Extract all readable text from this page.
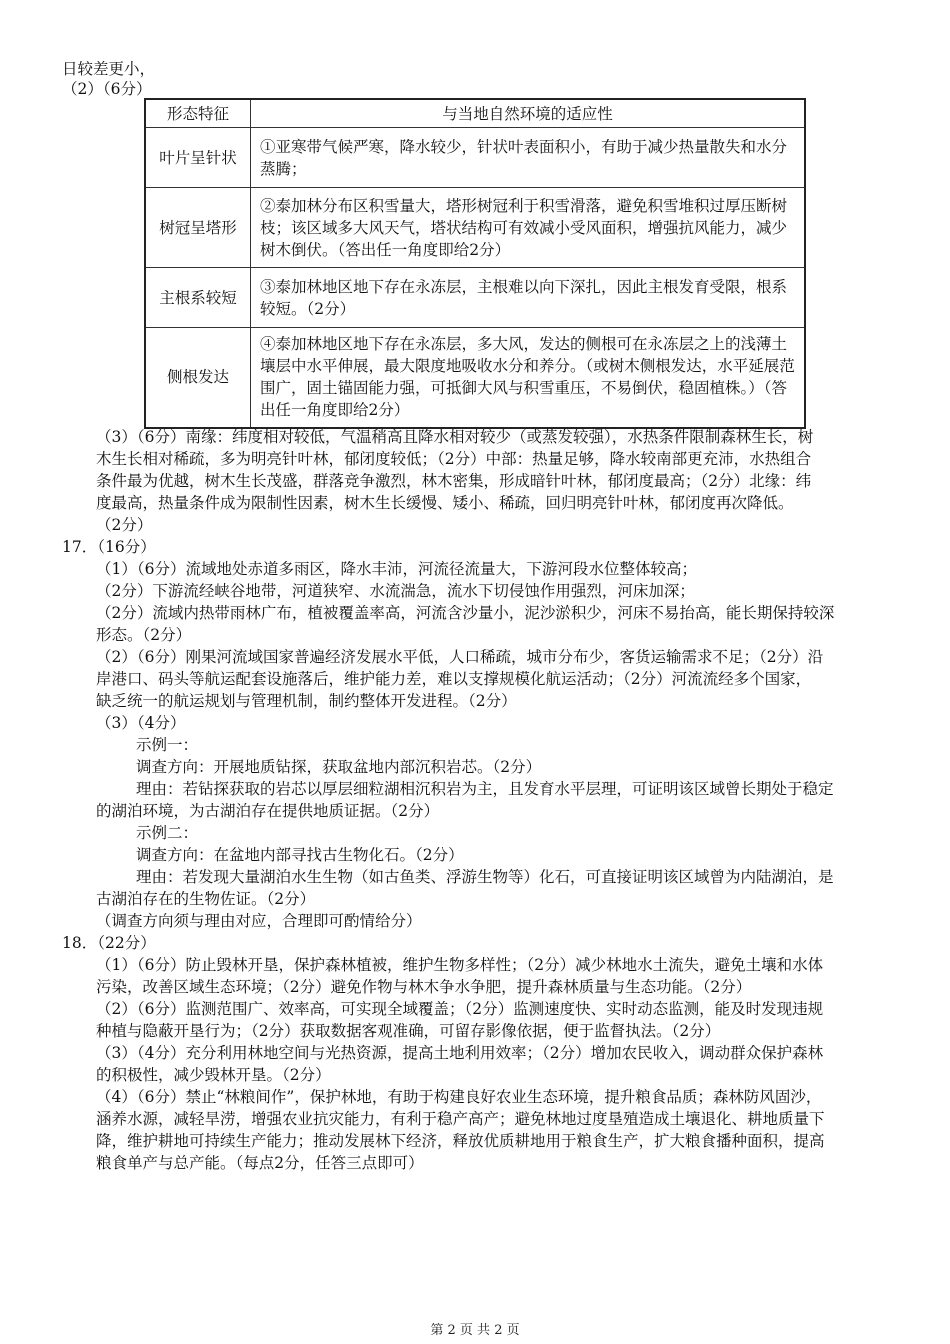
日较差更小，
（2）（6分）
形态特征	与当地自然环境的适应性
叶片呈针状	①亚寒带气候严寒，降水较少，针状叶表面积小，有助于减少热量散失和水分蒸腾；
树冠呈塔形	②泰加林分布区积雪量大，塔形树冠利于积雪滑落，避免积雪堆积过厚压断树枝；该区域多大风天气，塔状结构可有效减小受风面积，增强抗风能力，减少树木倒伏。（答出任一角度即给2分）
主根系较短	③泰加林地区地下存在永冻层，主根难以向下深扎，因此主根发育受限，根系较短。（2分）
侧根发达	④泰加林地区地下存在永冻层，多大风，发达的侧根可在永冻层之上的浅薄土壤层中水平伸展，最大限度地吸收水分和养分。（或树木侧根发达，水平延展范围广，固土锚固能力强，可抵御大风与积雪重压，不易倒伏，稳固植株。）（答出任一角度即给2分）
（3）（6分）南缘：纬度相对较低，气温稍高且降水相对较少（或蒸发较强），水热条件限制森林生长，树
木生长相对稀疏，多为明亮针叶林，郁闭度较低；（2分）中部：热量足够，降水较南部更充沛，水热组合
条件最为优越，树木生长茂盛，群落竞争激烈，林木密集，形成暗针叶林，郁闭度最高；（2分）北缘：纬
度最高，热量条件成为限制性因素，树木生长缓慢、矮小、稀疏，回归明亮针叶林，郁闭度再次降低。
（2分）
17．（16分）
（1）（6分）流域地处赤道多雨区，降水丰沛，河流径流量大，下游河段水位整体较高；
（2分）下游流经峡谷地带，河道狭窄、水流湍急，流水下切侵蚀作用强烈，河床加深；
（2分）流域内热带雨林广布，植被覆盖率高，河流含沙量小，泥沙淤积少，河床不易抬高，能长期保持较深
形态。（2分）
（2）（6分）刚果河流域国家普遍经济发展水平低，人口稀疏，城市分布少，客货运输需求不足；（2分）沿
岸港口、码头等航运配套设施落后，维护能力差，难以支撑规模化航运活动；（2分）河流流经多个国家，
缺乏统一的航运规划与管理机制，制约整体开发进程。（2分）
（3）（4分）
示例一：
调查方向：开展地质钻探，获取盆地内部沉积岩芯。（2分）
理由：若钻探获取的岩芯以厚层细粒湖相沉积岩为主，且发育水平层理，可证明该区域曾长期处于稳定
的湖泊环境，为古湖泊存在提供地质证据。（2分）
示例二：
调查方向：在盆地内部寻找古生物化石。（2分）
理由：若发现大量湖泊水生生物（如古鱼类、浮游生物等）化石，可直接证明该区域曾为内陆湖泊，是
古湖泊存在的生物佐证。（2分）
（调查方向须与理由对应，合理即可酌情给分）
18．（22分）
（1）（6分）防止毁林开垦，保护森林植被，维护生物多样性；（2分）减少林地水土流失，避免土壤和水体
污染，改善区域生态环境；（2分）避免作物与林木争水争肥，提升森林质量与生态功能。（2分）
（2）（6分）监测范围广、效率高，可实现全域覆盖；（2分）监测速度快、实时动态监测，能及时发现违规
种植与隐蔽开垦行为；（2分）获取数据客观准确，可留存影像依据，便于监督执法。（2分）
（3）（4分）充分利用林地空间与光热资源，提高土地利用效率；（2分）增加农民收入，调动群众保护森林
的积极性，减少毁林开垦。（2分）
（4）（6分）禁止“林粮间作”，保护林地，有助于构建良好农业生态环境，提升粮食品质；森林防风固沙，
涵养水源，减轻旱涝，增强农业抗灾能力，有利于稳产高产；避免林地过度垦殖造成土壤退化、耕地质量下
降，维护耕地可持续生产能力；推动发展林下经济，释放优质耕地用于粮食生产，扩大粮食播种面积，提高
粮食单产与总产能。（每点2分，任答三点即可）
第 2 页 共 2 页
